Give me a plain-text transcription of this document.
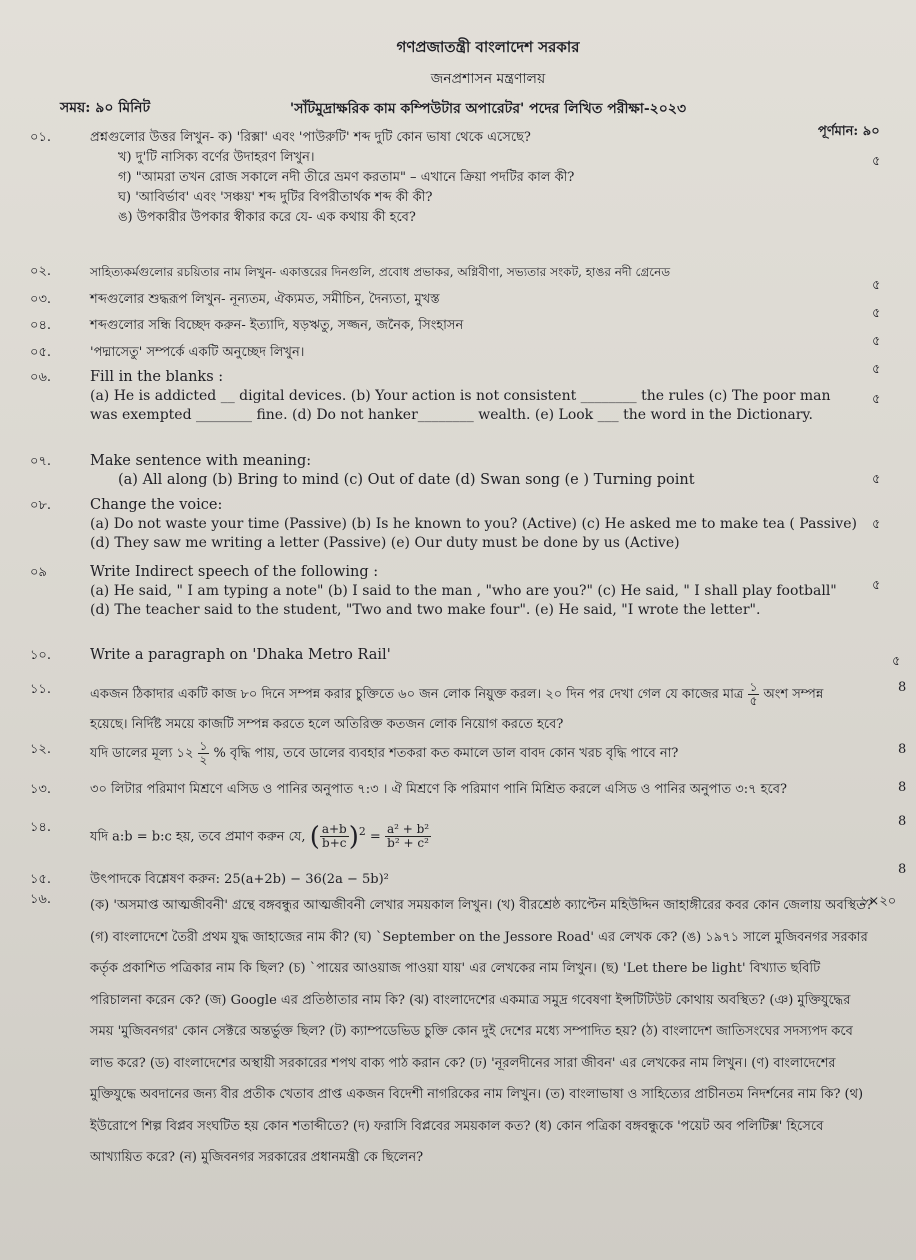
গণপ্রজাতন্ত্রী বাংলাদেশ সরকার
জনপ্রশাসন মন্ত্রণালয়
'সাঁটমুদ্রাক্ষরিক কাম কম্পিউটার অপারেটর' পদের লিখিত পরীক্ষা-২০২৩
সময়: ৯০ মিনিট
পূর্ণমান: ৯০
০১.	প্রশ্নগুলোর উত্তর লিখুন- ক) 'রিক্সা' এবং 'পাউরুটি' শব্দ দুটি কোন ভাষা থেকে এসেছে?
খ) দু'টি নাসিক্য বর্ণের উদাহরণ লিখুন।
গ) "আমরা তখন রোজ সকালে নদী তীরে ভ্রমণ করতাম" – এখানে ক্রিয়া পদটির কাল কী?
ঘ) 'আবির্ভাব' এবং 'সঞ্চয়' শব্দ দুটির বিপরীতার্থক শব্দ কী কী?
ঙ) উপকারীর উপকার স্বীকার করে যে- এক কথায় কী হবে?
৫
০২.	সাহিত্যকর্মগুলোর রচয়িতার নাম লিখুন- একাত্তরের দিনগুলি, প্রবোধ প্রভাকর, অগ্নিবীণা, সভ্যতার সংকট, হাঙর নদী গ্রেনেড
৫
০৩.	শব্দগুলোর শুদ্ধরূপ লিখুন- নূন্যতম, ঐক্যমত, সমীচিন, দৈন্যতা, মুখস্ত
৫
০৪.	শব্দগুলোর সন্ধি বিচ্ছেদ করুন- ইত্যাদি, ষড়ঋতু, সজ্জন, জনৈক, সিংহাসন
৫
০৫.	'পদ্মাসেতু' সম্পর্কে একটি অনুচ্ছেদ লিখুন।
৫
০৬.	Fill in the blanks :
(a) He is addicted __ digital devices. (b) Your action is not consistent ________ the rules (c) The poor man was exempted ________ fine. (d) Do not hanker________ wealth. (e) Look ___ the word in the Dictionary.
৫
০৭.	Make sentence with meaning:
(a) All along (b) Bring to mind (c) Out of date (d) Swan song (e ) Turning point	৫
০৮.	Change the voice:
(a) Do not waste your time (Passive) (b) Is he known to you? (Active) (c) He asked me to make tea ( Passive) (d) They saw me writing a letter (Passive) (e) Our duty must be done by us (Active)
৫
০৯	Write Indirect speech of the following :
(a) He said, " I am typing a note" (b) I said to the man , "who are you?" (c) He said, " I shall play football" (d) The teacher said to the student, "Two and two make four". (e) He said, "I wrote the letter".
৫
১০.	Write a paragraph on 'Dhaka Metro Rail'	৫
১১.	একজন ঠিকাদার একটি কাজ ৮০ দিনে সম্পন্ন করার চুক্তিতে ৬০ জন লোক নিয়ুক্ত করল। ২০ দিন পর দেখা গেল যে কাজের মাত্র $\frac{১}{৫}$ অংশ সম্পন্ন হয়েছে। নির্দিষ্ট সময়ে কাজটি সম্পন্ন করতে হলে অতিরিক্ত কতজন লোক নিয়োগ করতে হবে?
8
১২.	যদি ডালের মূল্য ১২ $\frac{১}{২}$ % বৃদ্ধি পায়, তবে ডালের ব্যবহার শতকরা কত কমালে ডাল বাবদ কোন খরচ বৃদ্ধি পাবে না?	8
১৩.	৩০ লিটার পরিমাণ মিশ্রণে এসিড ও পানির অনুপাত ৭:৩ । ঐ মিশ্রণে কি পরিমাণ পানি মিশ্রিত করলে এসিড ও পানির অনুপাত ৩:৭ হবে?	8
১৪.
যদি a:b = b:c হয়, তবে প্রমাণ করুন যে, ( $\frac{a+b}{b+c} )^2 = \frac{\text{a² + b²}}{\text{b² + c²}}$
8
১৫.	উৎপাদকে বিশ্লেষণ করুন: 25(a+2b) − 36(2a − 5b)²
8
১৬.	(ক) 'অসমাপ্ত আত্মজীবনী' গ্রন্থে বঙ্গবন্ধুর আত্মজীবনী লেখার সময়কাল লিখুন। (খ) বীরশ্রেষ্ঠ ক্যাপ্টেন মহিউদ্দিন জাহাঙ্গীরের কবর কোন জেলায় অবস্থিত? (গ) বাংলাদেশে তৈরী প্রথম যুদ্ধ জাহাজের নাম কী? (ঘ) `September on the Jessore Road' এর লেখক কে? (ঙ) ১৯৭১ সালে মুজিবনগর সরকার কর্তৃক প্রকাশিত পত্রিকার নাম কি ছিল? (চ) `পায়ের আওয়াজ পাওয়া যায়' এর লেখকের নাম লিখুন। (ছ) 'Let there be light' বিখ্যাত ছবিটি পরিচালনা করেন কে? (জ) Google এর প্রতিষ্ঠাতার নাম কি? (ঝ) বাংলাদেশের একমাত্র সমুদ্র গবেষণা ইন্সটিটিউট কোথায় অবস্থিত? (ঞ) মুক্তিযুদ্ধের সময় 'মুজিবনগর' কোন সেক্টরে অন্তর্ভুক্ত ছিল? (ট) ক্যাম্পডেভিড চুক্তি কোন দুই দেশের মধ্যে সম্পাদিত হয়? (ঠ) বাংলাদেশ জাতিসংঘের সদস্যপদ কবে লাভ করে? (ড) বাংলাদেশের অস্থায়ী সরকারের শপথ বাক্য পাঠ করান কে? (ঢ) 'নূরলদীনের সারা জীবন' এর লেখকের নাম লিখুন। (ণ) বাংলাদেশের মুক্তিযুদ্ধে অবদানের জন্য বীর প্রতীক খেতাব প্রাপ্ত একজন বিদেশী নাগরিকের নাম লিখুন। (ত) বাংলাভাষা ও সাহিত্যের প্রাচীনতম নিদর্শনের নাম কি? (থ) ইউরোপে শিল্প বিপ্লব সংঘটিত হয় কোন শতাব্দীতে? (দ) ফরাসি বিপ্লবের সময়কাল কত? (ধ) কোন পত্রিকা বঙ্গবন্ধুকে 'পয়েট অব পলিটিক্স' হিসেবে আখ্যায়িত করে? (ন) মুজিবনগর সরকারের প্রধানমন্ত্রী কে ছিলেন?
১×২০
